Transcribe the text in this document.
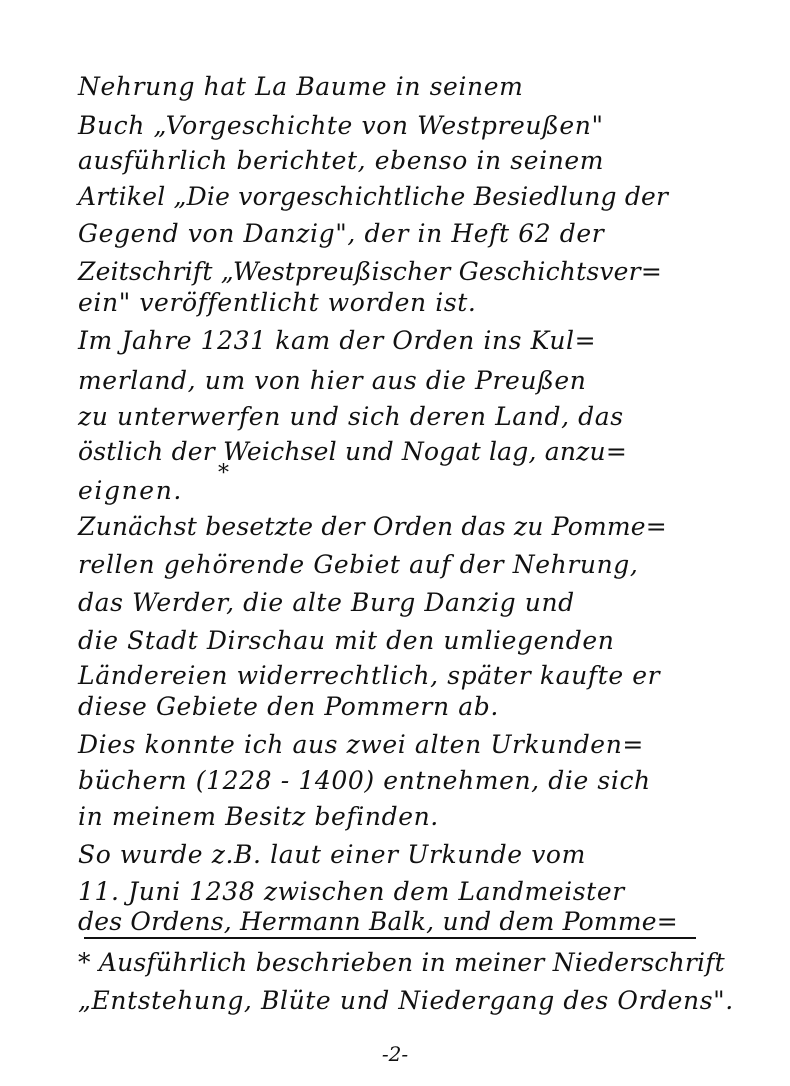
Nehrung hat La Baume in seinem
Buch „Vorgeschichte von Westpreußen"
ausführlich berichtet, ebenso in seinem
Artikel „Die vorgeschichtliche Besiedlung der
Gegend von Danzig", der in Heft 62 der
Zeitschrift „Westpreußischer Geschichtsver=
ein" veröffentlicht worden ist.
Im Jahre 1231 kam der Orden ins Kul=
merland, um von hier aus die Preußen
zu unterwerfen und sich deren Land, das
östlich der Weichsel und Nogat lag, anzu=
*
eignen.
Zunächst besetzte der Orden das zu Pomme=
rellen gehörende Gebiet auf der Nehrung,
das Werder, die alte Burg Danzig und
die Stadt Dirschau mit den umliegenden
Ländereien widerrechtlich, später kaufte er
diese Gebiete den Pommern ab.
Dies konnte ich aus zwei alten Urkunden=
büchern (1228 - 1400) entnehmen, die sich
in meinem Besitz befinden.
So wurde z.B. laut einer Urkunde vom
11. Juni 1238 zwischen dem Landmeister
des Ordens, Hermann Balk, und dem Pomme=
* Ausführlich beschrieben in meiner Niederschrift
„Entstehung, Blüte und Niedergang des Ordens".
-2-
